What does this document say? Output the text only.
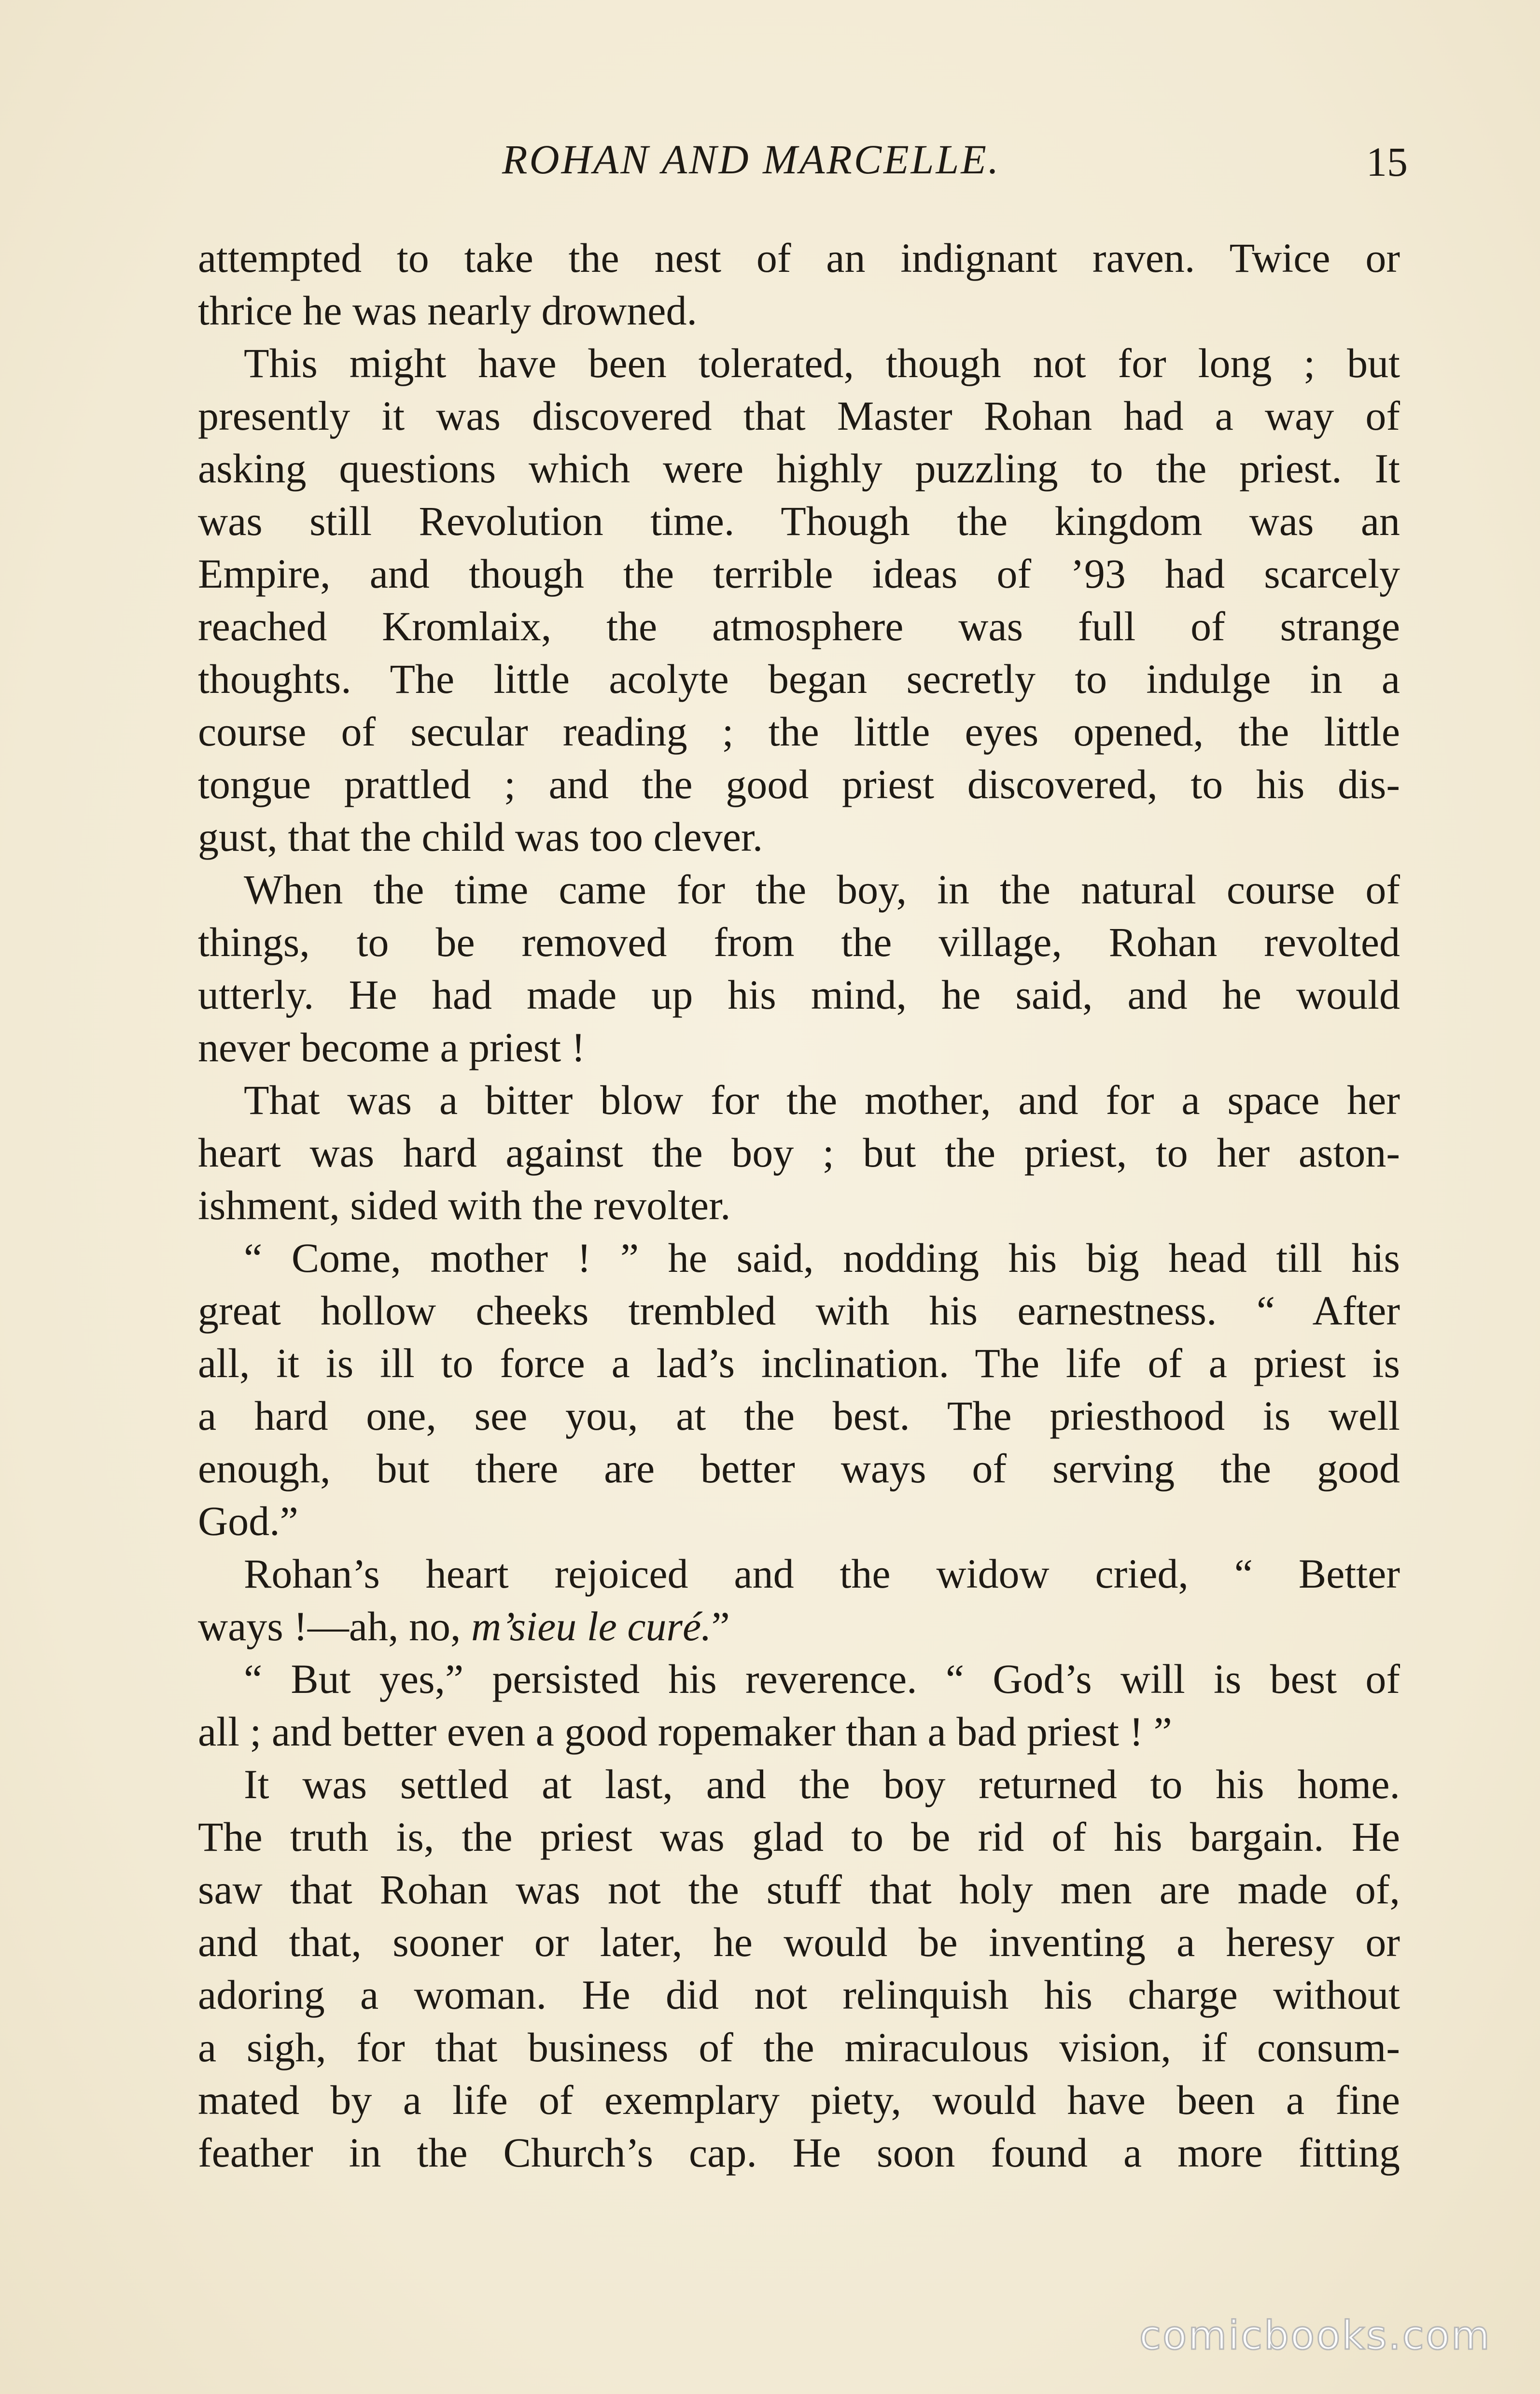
ROHAN AND MARCELLE.	15
attempted to take the nest of an indignant raven. Twice or
thrice he was nearly drowned.
This might have been tolerated, though not for long ; but
presently it was discovered that Master Rohan had a way of
asking questions which were highly puzzling to the priest. It
was still Revolution time. Though the kingdom was an
Empire, and though the terrible ideas of ’93 had scarcely
reached Kromlaix, the atmosphere was full of strange
thoughts. The little acolyte began secretly to indulge in a
course of secular reading ; the little eyes opened, the little
tongue prattled ; and the good priest discovered, to his dis-
gust, that the child was too clever.
When the time came for the boy, in the natural course of
things, to be removed from the village, Rohan revolted
utterly. He had made up his mind, he said, and he would
never become a priest !
That was a bitter blow for the mother, and for a space her
heart was hard against the boy ; but the priest, to her aston-
ishment, sided with the revolter.
“ Come, mother ! ” he said, nodding his big head till his
great hollow cheeks trembled with his earnestness. “ After
all, it is ill to force a lad’s inclination. The life of a priest is
a hard one, see you, at the best. The priesthood is well
enough, but there are better ways of serving the good
God.”
Rohan’s heart rejoiced and the widow cried, “ Better
ways !—ah, no, m’sieu le curé.”
“ But yes,” persisted his reverence. “ God’s will is best of
all ; and better even a good ropemaker than a bad priest ! ”
It was settled at last, and the boy returned to his home.
The truth is, the priest was glad to be rid of his bargain. He
saw that Rohan was not the stuff that holy men are made of,
and that, sooner or later, he would be inventing a heresy or
adoring a woman. He did not relinquish his charge without
a sigh, for that business of the miraculous vision, if consum-
mated by a life of exemplary piety, would have been a fine
feather in the Church’s cap. He soon found a more fitting
comicbooks.com
